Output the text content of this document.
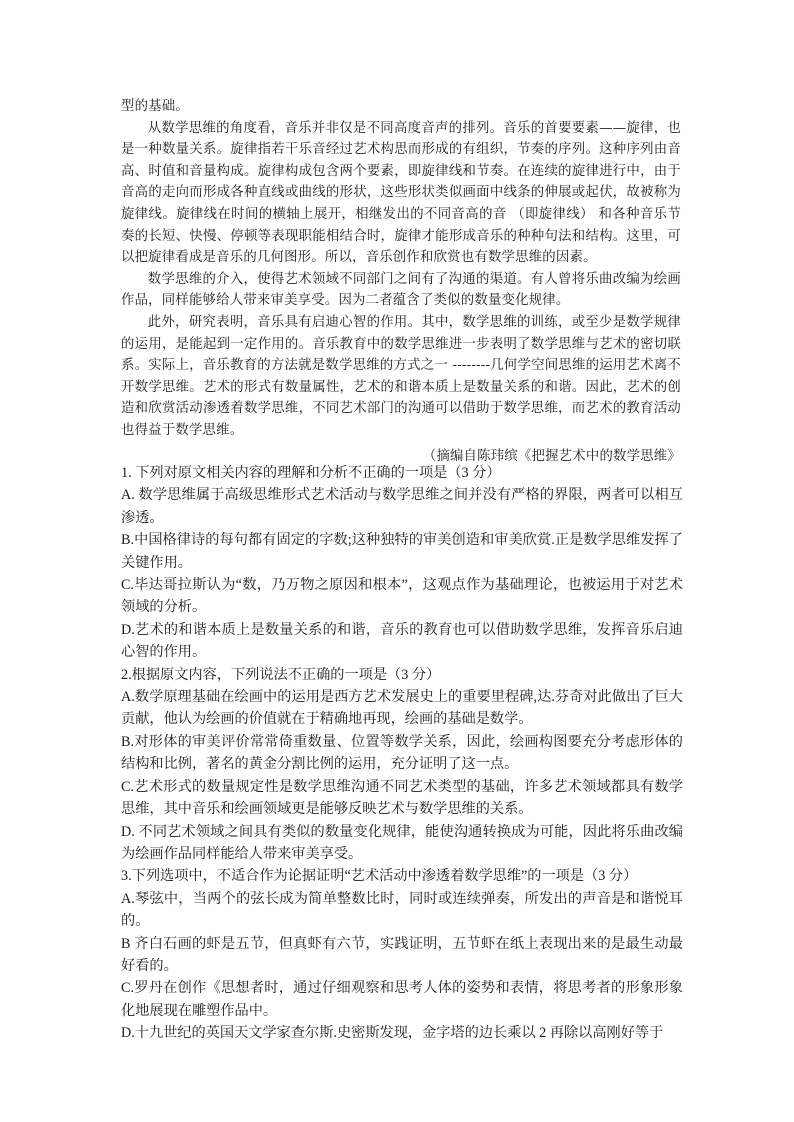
型的基础。

从数学思维的角度看，音乐并非仅是不同高度音声的排列。音乐的首要要素——旋律，也是一种数量关系。旋律指若干乐音经过艺术构思而形成的有组织，节奏的序列。这种序列由音高、时值和音量构成。旋律构成包含两个要素，即旋律线和节奏。在连续的旋律进行中，由于音高的走向而形成各种直线或曲线的形状，这些形状类似画面中线条的伸展或起伏，故被称为旋律线。旋律线在时间的横轴上展开，相继发出的不同音高的音 （即旋律线） 和各种音乐节奏的长短、快慢、停顿等表现职能相结合时，旋律才能形成音乐的种种句法和结构。这里，可以把旋律看成是音乐的几何图形。所以，音乐创作和欣赏也有数学思维的因素。

数学思维的介入，使得艺术领域不同部门之间有了沟通的渠道。有人曾将乐曲改编为绘画作品，同样能够给人带来审美享受。因为二者蕴含了类似的数量变化规律。

此外，研究表明，音乐具有启迪心智的作用。其中，数学思维的训练，或至少是数学规律的运用，是能起到一定作用的。音乐教育中的数学思维进一步表明了数学思维与艺术的密切联系。实际上，音乐教育的方法就是数学思维的方式之一 --------几何学空间思维的运用艺术离不开数学思维。艺术的形式有数量属性，艺术的和谐本质上是数量关系的和谐。因此，艺术的创造和欣赏活动渗透着数学思维，不同艺术部门的沟通可以借助于数学思维，而艺术的教育活动也得益于数学思维。

（摘编自陈玮缤《把握艺术中的数学思维》

1. 下列对原文相关内容的理解和分析不正确的一项是（3 分）

A. 数学思维属于高级思维形式艺术活动与数学思维之间并没有严格的界限，两者可以相互渗透。

B.中国格律诗的每句都有固定的字数;这种独特的审美创造和审美欣赏.正是数学思维发挥了关键作用。

C.毕达哥拉斯认为“数，乃万物之原因和根本”，这观点作为基础理论，也被运用于对艺术领域的分析。

D.艺术的和谐本质上是数量关系的和谐，音乐的教育也可以借助数学思维，发挥音乐启迪心智的作用。

2.根据原文内容，下列说法不正确的一项是（3 分）

A.数学原理基础在绘画中的运用是西方艺术发展史上的重要里程碑,达.芬奇对此做出了巨大贡献，他认为绘画的价值就在于精确地再现，绘画的基础是数学。

B.对形体的审美评价常常倚重数量、位置等数学关系，因此，绘画构图要充分考虑形体的结构和比例，著名的黄金分割比例的运用，充分证明了这一点。

C.艺术形式的数量规定性是数学思维沟通不同艺术类型的基础，许多艺术领域都具有数学思维，其中音乐和绘画领域更是能够反映艺术与数学思维的关系。

D. 不同艺术领域之间具有类似的数量变化规律，能使沟通转换成为可能，因此将乐曲改编为绘画作品同样能给人带来审美享受。

3.下列选项中，不适合作为论据证明“艺术活动中渗透着数学思维”的一项是（3 分）

A.琴弦中，当两个的弦长成为简单整数比时，同时或连续弹奏，所发出的声音是和谐悦耳的。

B 齐白石画的虾是五节，但真虾有六节，实践证明，五节虾在纸上表现出来的是最生动最好看的。

C.罗丹在创作《思想者时，通过仔细观察和思考人体的姿势和表情，将思考者的形象形象化地展现在雕塑作品中。

D.十九世纪的英国天文学家查尔斯.史密斯发现，金字塔的边长乘以 2 再除以高刚好等于
